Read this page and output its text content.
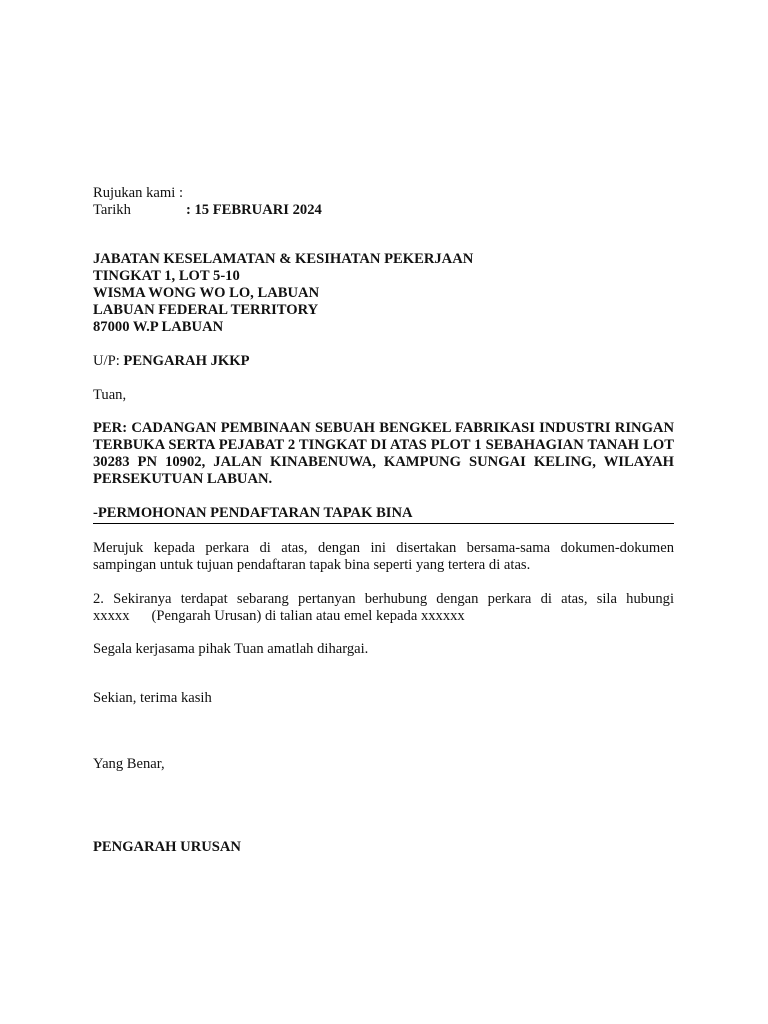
Rujukan kami :
Tarikh	: 15 FEBRUARI 2024
JABATAN KESELAMATAN & KESIHATAN PEKERJAAN
TINGKAT 1, LOT 5-10
WISMA WONG WO LO, LABUAN
LABUAN FEDERAL TERRITORY
87000 W.P LABUAN
U/P: PENGARAH JKKP
Tuan,
PER: CADANGAN PEMBINAAN SEBUAH BENGKEL FABRIKASI INDUSTRI RINGAN TERBUKA SERTA PEJABAT 2 TINGKAT DI ATAS PLOT 1 SEBAHAGIAN TANAH LOT 30283 PN 10902, JALAN KINABENUWA, KAMPUNG SUNGAI KELING, WILAYAH PERSEKUTUAN LABUAN.
-PERMOHONAN PENDAFTARAN TAPAK BINA

Merujuk kepada perkara di atas, dengan ini disertakan bersama-sama dokumen-dokumen sampingan untuk tujuan pendaftaran tapak bina seperti yang tertera di atas.

2. Sekiranya terdapat sebarang pertanyan berhubung dengan perkara di atas, sila hubungi
xxxxx (Pengarah Urusan) di talian atau emel kepada xxxxxx
Segala kerjasama pihak Tuan amatlah dihargai.
Sekian, terima kasih
Yang Benar,
PENGARAH URUSAN
